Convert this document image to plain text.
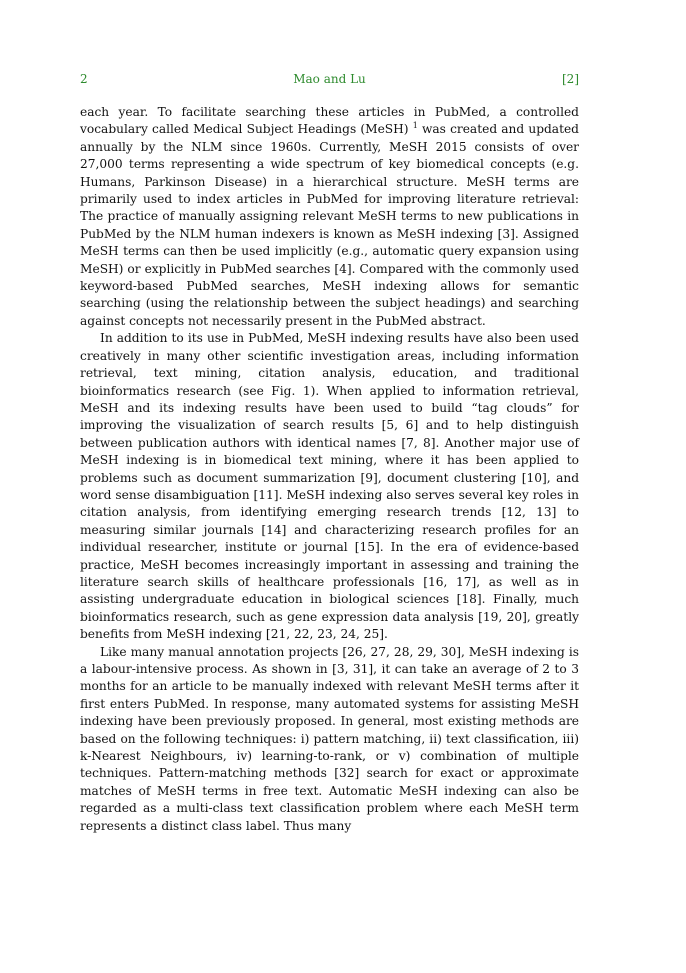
2	Mao and Lu	[2]

each year. To facilitate searching these articles in PubMed, a controlled vocabulary called Medical Subject Headings (MeSH) $^1$ was created and updated annually by the NLM since 1960s. Currently, MeSH 2015 consists of over 27,000 terms representing a wide spectrum of key biomedical concepts (e.g. Humans, Parkinson Disease) in a hierarchical structure. MeSH terms are primarily used to index articles in PubMed for improving literature retrieval: The practice of manually assigning relevant MeSH terms to new publications in PubMed by the NLM human indexers is known as MeSH indexing [3]. Assigned MeSH terms can then be used implicitly (e.g., automatic query expansion using MeSH) or explicitly in PubMed searches [4]. Compared with the commonly used keyword-based PubMed searches, MeSH indexing allows for semantic searching (using the relationship between the subject headings) and searching against concepts not necessarily present in the PubMed abstract.

In addition to its use in PubMed, MeSH indexing results have also been used creatively in many other scientific investigation areas, including information retrieval, text mining, citation analysis, education, and traditional bioinformatics research (see Fig. 1). When applied to information retrieval, MeSH and its indexing results have been used to build “tag clouds” for improving the visualization of search results [5, 6] and to help distinguish between publication authors with identical names [7, 8]. Another major use of MeSH indexing is in biomedical text mining, where it has been applied to problems such as document summarization [9], document clustering [10], and word sense disambiguation [11]. MeSH indexing also serves several key roles in citation analysis, from identifying emerging research trends [12, 13] to measuring similar journals [14] and characterizing research profiles for an individual researcher, institute or journal [15]. In the era of evidence-based practice, MeSH becomes increasingly important in assessing and training the literature search skills of healthcare professionals [16, 17], as well as in assisting undergraduate education in biological sciences [18]. Finally, much bioinformatics research, such as gene expression data analysis [19, 20], greatly benefits from MeSH indexing [21, 22, 23, 24, 25].

Like many manual annotation projects [26, 27, 28, 29, 30], MeSH indexing is a labour-intensive process. As shown in [3, 31], it can take an average of 2 to 3 months for an article to be manually indexed with relevant MeSH terms after it first enters PubMed. In response, many automated systems for assisting MeSH indexing have been previously proposed. In general, most existing methods are based on the following techniques: i) pattern matching, ii) text classification, iii) k-Nearest Neighbours, iv) learning-to-rank, or v) combination of multiple techniques. Pattern-matching methods [32] search for exact or approximate matches of MeSH terms in free text. Automatic MeSH indexing can also be regarded as a multi-class text classification problem where each MeSH term represents a distinct class label. Thus many
